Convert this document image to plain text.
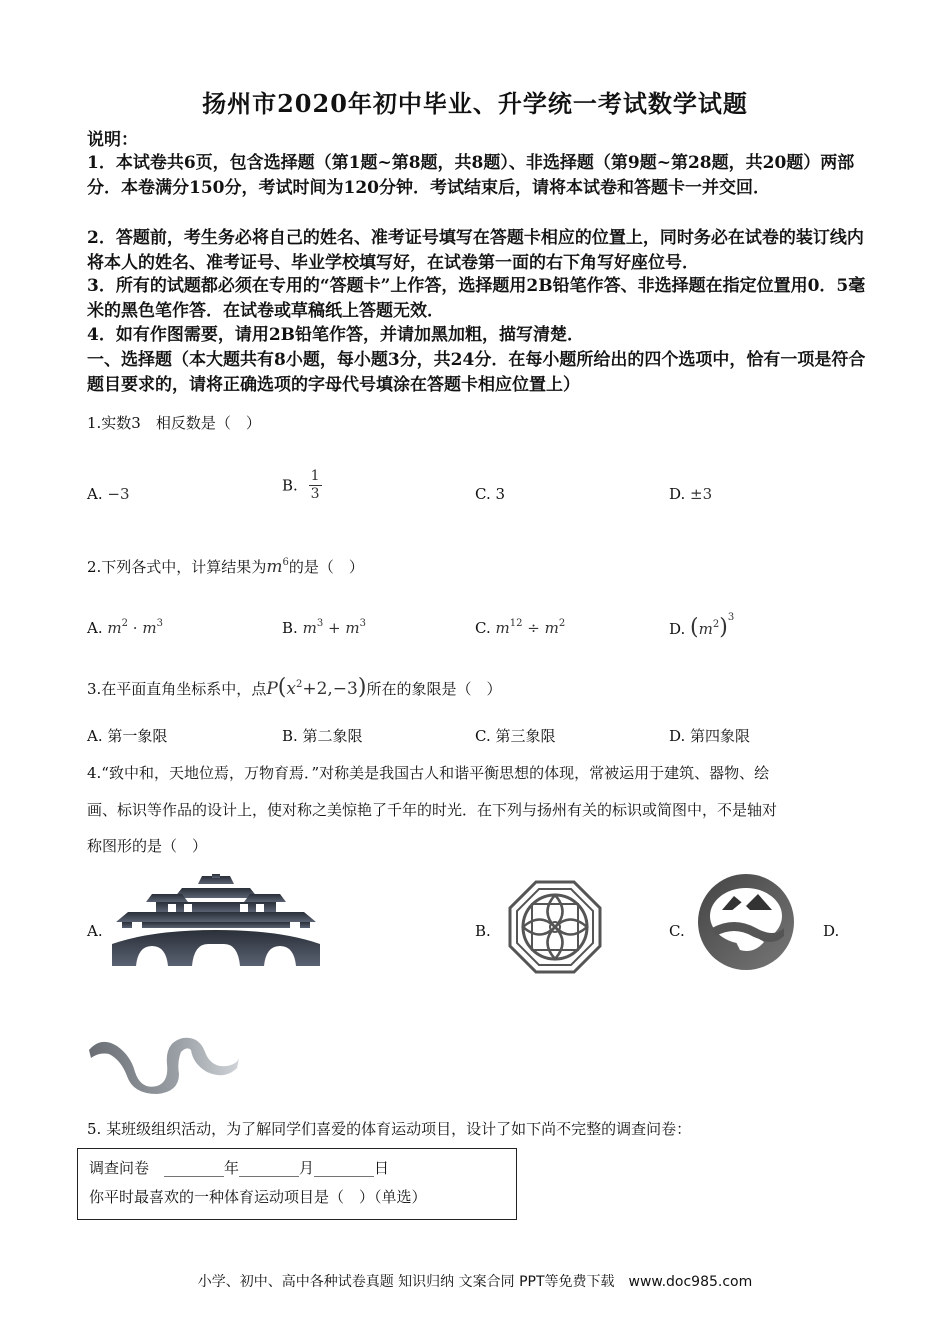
扬州市2020年初中毕业、升学统一考试数学试题
说明：
1．本试卷共6页，包含选择题（第1题~第8题，共8题）、非选择题（第9题~第28题，共20题）两部分．本卷满分150分，考试时间为120分钟．考试结束后，请将本试卷和答题卡一并交回．
2．答题前，考生务必将自己的姓名、准考证号填写在答题卡相应的位置上，同时务必在试卷的装订线内将本人的姓名、准考证号、毕业学校填写好，在试卷第一面的右下角写好座位号．
3．所有的试题都必须在专用的“答题卡”上作答，选择题用2B铅笔作答、非选择题在指定位置用0．5毫米的黑色笔作答．在试卷或草稿纸上答题无效．
4．如有作图需要，请用2B铅笔作答，并请加黑加粗，描写清楚．
一、选择题（本大题共有8小题，每小题3分，共24分．在每小题所给出的四个选项中，恰有一项是符合题目要求的，请将正确选项的字母代号填涂在答题卡相应位置上）
1.实数3　相反数是（　）
A. −3	B. $\frac{1}{3}$	C. 3	D. ±3
2.下列各式中，计算结果为$m^6$的是（　）
A. $m^2 \cdot m^3$	B. $m^3 + m^3$	C. $m^{12} \div m^2$	D. $(m^2)^3$
3.在平面直角坐标系中，点$P(x^2+2,-3)$所在的象限是（　）
A. 第一象限	B. 第二象限	C. 第三象限	D. 第四象限
4.“致中和，天地位焉，万物育焉．”对称美是我国古人和谐平衡思想的体现，常被运用于建筑、器物、绘
画、标识等作品的设计上，使对称之美惊艳了千年的时光．在下列与扬州有关的标识或简图中，不是轴对
称图形的是（　）
A.	B.	C.	D.
5. 某班级组织活动，为了解同学们喜爱的体育运动项目，设计了如下尚不完整的调查问卷：
调查问卷　________年________月________日
你平时最喜欢的一种体育运动项目是（　）（单选）
小学、初中、高中各种试卷真题 知识归纳 文案合同 PPT等免费下载　www.doc985.com
